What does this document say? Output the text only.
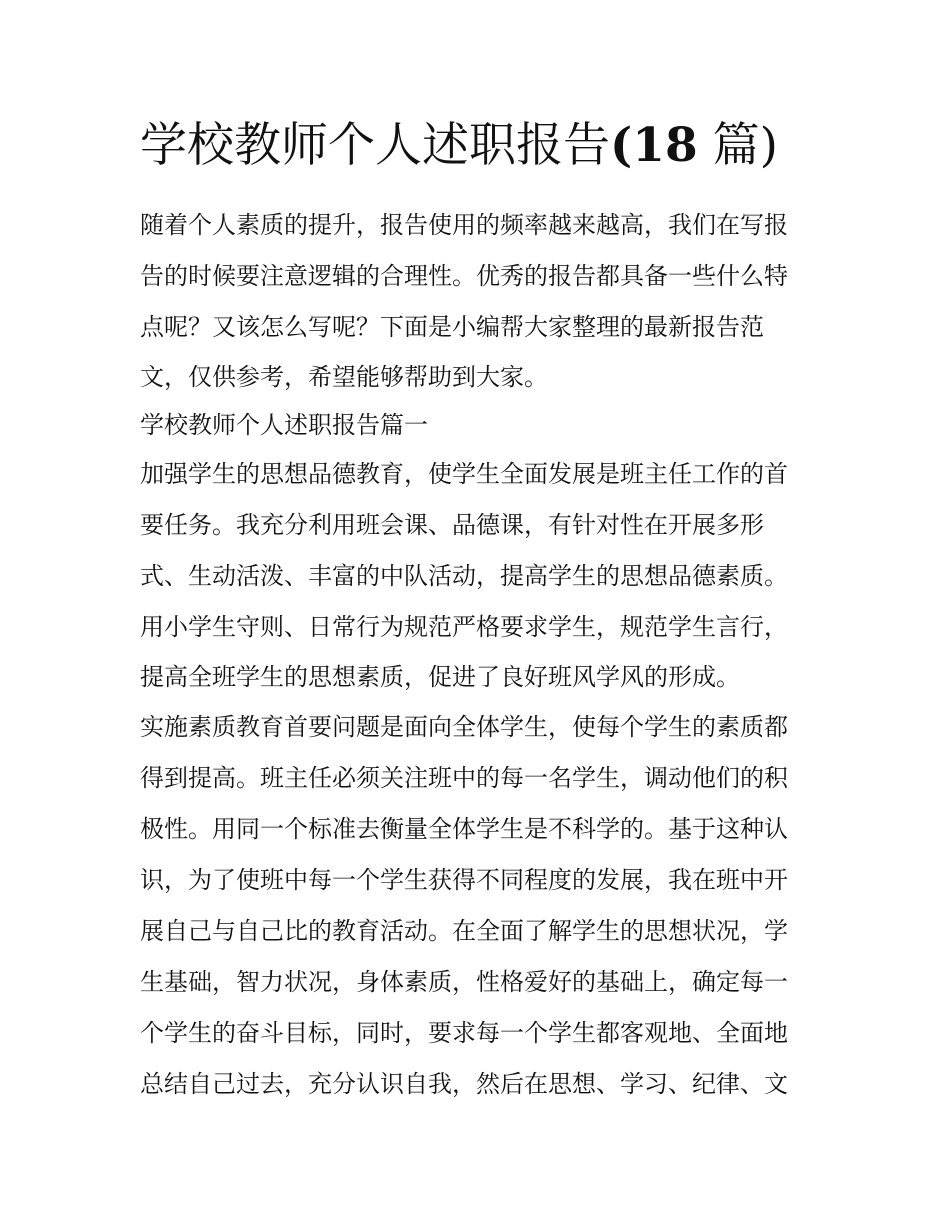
学校教师个人述职报告(18 篇)
随着个人素质的提升，报告使用的频率越来越高，我们在写报
告的时候要注意逻辑的合理性。优秀的报告都具备一些什么特
点呢？又该怎么写呢？下面是小编帮大家整理的最新报告范
文，仅供参考，希望能够帮助到大家。
学校教师个人述职报告篇一
加强学生的思想品德教育，使学生全面发展是班主任工作的首
要任务。我充分利用班会课、品德课，有针对性在开展多形
式、生动活泼、丰富的中队活动，提高学生的思想品德素质。
用小学生守则、日常行为规范严格要求学生，规范学生言行，
提高全班学生的思想素质，促进了良好班风学风的形成。
实施素质教育首要问题是面向全体学生，使每个学生的素质都
得到提高。班主任必须关注班中的每一名学生，调动他们的积
极性。用同一个标准去衡量全体学生是不科学的。基于这种认
识，为了使班中每一个学生获得不同程度的发展，我在班中开
展自己与自己比的教育活动。在全面了解学生的思想状况，学
生基础，智力状况，身体素质，性格爱好的基础上，确定每一
个学生的奋斗目标，同时，要求每一个学生都客观地、全面地
总结自己过去，充分认识自我，然后在思想、学习、纪律、文
